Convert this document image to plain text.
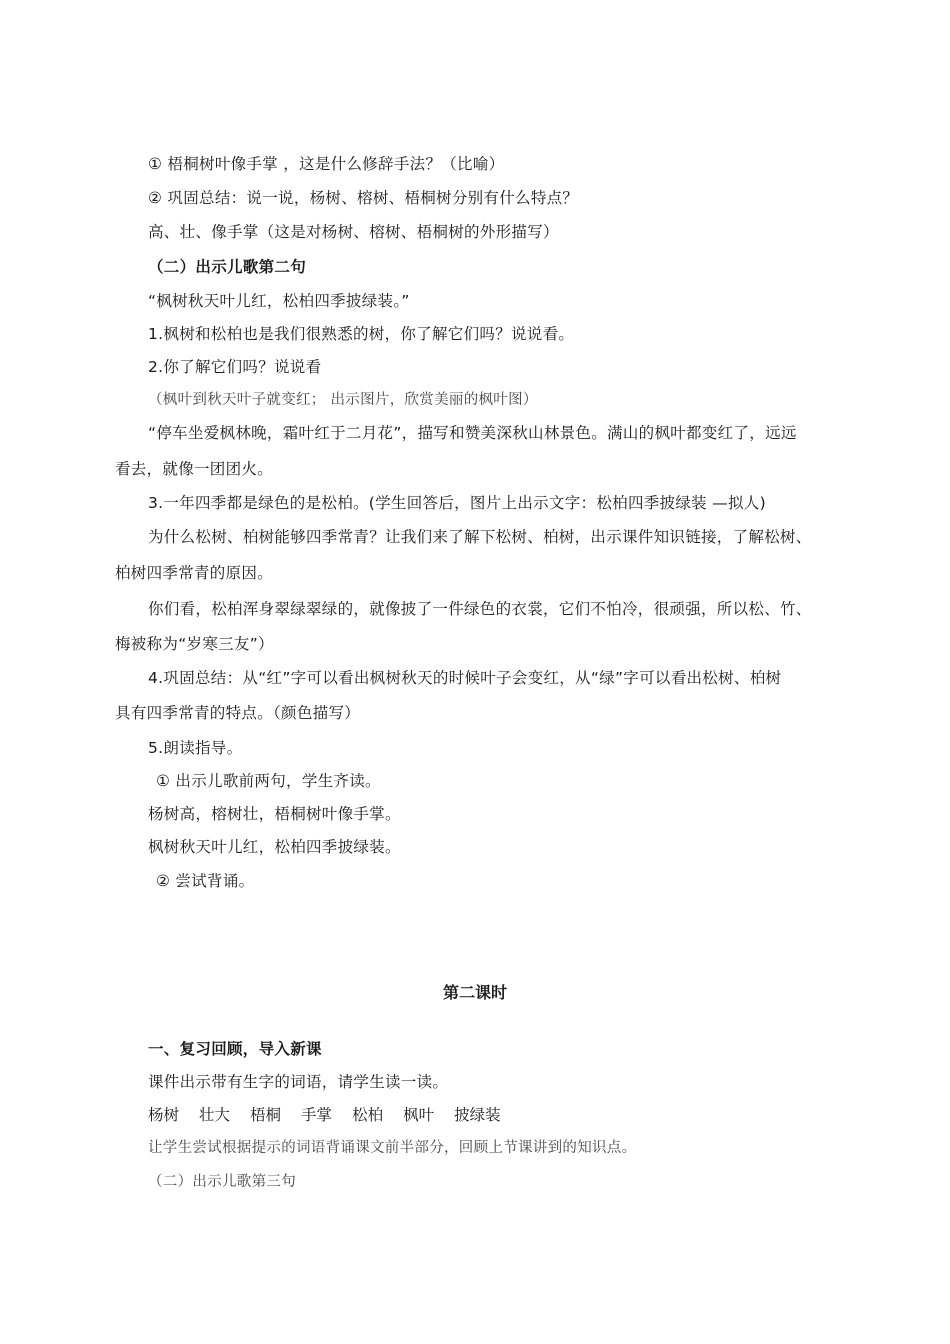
① 梧桐树叶像手掌 ，这是什么修辞手法？（比喻）
② 巩固总结：说一说，杨树、榕树、梧桐树分别有什么特点？
高、壮、像手掌（这是对杨树、榕树、梧桐树的外形描写）
（二）出示儿歌第二句
“枫树秋天叶儿红，松柏四季披绿装。”
1.枫树和松柏也是我们很熟悉的树，你了解它们吗？说说看。
2.你了解它们吗？说说看
（枫叶到秋天叶子就变红； 出示图片，欣赏美丽的枫叶图）
“停车坐爱枫林晚，霜叶红于二月花”，描写和赞美深秋山林景色。满山的枫叶都变红了，远远
看去，就像一团团火。
3.一年四季都是绿色的是松柏。(学生回答后，图片上出示文字：松柏四季披绿装 —拟人)
为什么松树、柏树能够四季常青？让我们来了解下松树、柏树，出示课件知识链接，了解松树、
柏树四季常青的原因。
你们看，松柏浑身翠绿翠绿的，就像披了一件绿色的衣裳，它们不怕冷，很顽强，所以松、竹、
梅被称为“岁寒三友”）
4.巩固总结：从“红”字可以看出枫树秋天的时候叶子会变红，从“绿”字可以看出松树、柏树
具有四季常青的特点。（颜色描写）
5.朗读指导。
① 出示儿歌前两句，学生齐读。
杨树高，榕树壮，梧桐树叶像手掌。
枫树秋天叶儿红，松柏四季披绿装。
② 尝试背诵。
第二课时
一、复习回顾，导入新课
课件出示带有生字的词语，请学生读一读。
杨树 壮大 梧桐 手掌 松柏 枫叶 披绿装
让学生尝试根据提示的词语背诵课文前半部分，回顾上节课讲到的知识点。
（二）出示儿歌第三句
